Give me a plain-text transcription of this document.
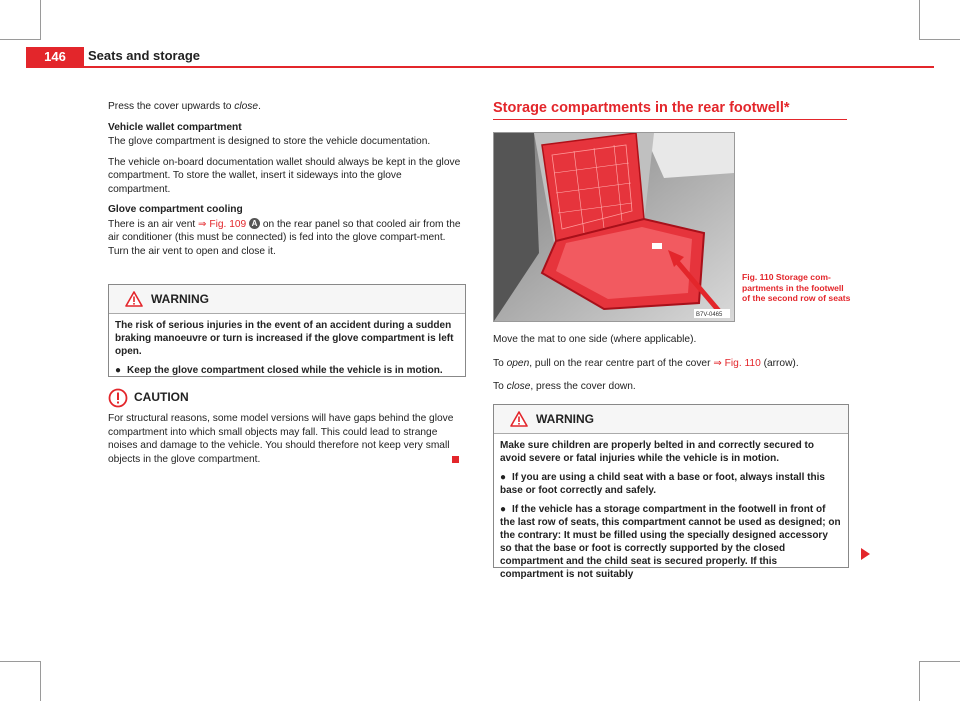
146	Seats and storage

Press the cover upwards to close.

Vehicle wallet compartment

The glove compartment is designed to store the vehicle documentation.

The vehicle on-board documentation wallet should always be kept in the glove compartment. To store the wallet, insert it sideways into the glove compartment.

Glove compartment cooling

There is an air vent ⇒ Fig. 109 A on the rear panel so that cooled air from the air conditioner (this must be connected) is fed into the glove compart-ment. Turn the air vent to open and close it.

WARNING

The risk of serious injuries in the event of an accident during a sudden braking manoeuvre or turn is increased if the glove compartment is left open.

● Keep the glove compartment closed while the vehicle is in motion.

CAUTION

For structural reasons, some model versions will have gaps behind the glove compartment into which small objects may fall. This could lead to strange noises and damage to the vehicle. You should therefore not keep very small objects in the glove compartment.

Storage compartments in the rear footwell*
B7V-0465
Fig. 110 Storage com-partments in the footwell of the second row of seats

Move the mat to one side (where applicable).

To open, pull on the rear centre part of the cover ⇒ Fig. 110 (arrow).

To close, press the cover down.

WARNING

Make sure children are properly belted in and correctly secured to avoid severe or fatal injuries while the vehicle is in motion.

● If you are using a child seat with a base or foot, always install this base or foot correctly and safely.

● If the vehicle has a storage compartment in the footwell in front of the last row of seats, this compartment cannot be used as designed; on the contrary: It must be filled using the specially designed accessory so that the base or foot is correctly supported by the closed compartment and the child seat is secured properly. If this compartment is not suitably
